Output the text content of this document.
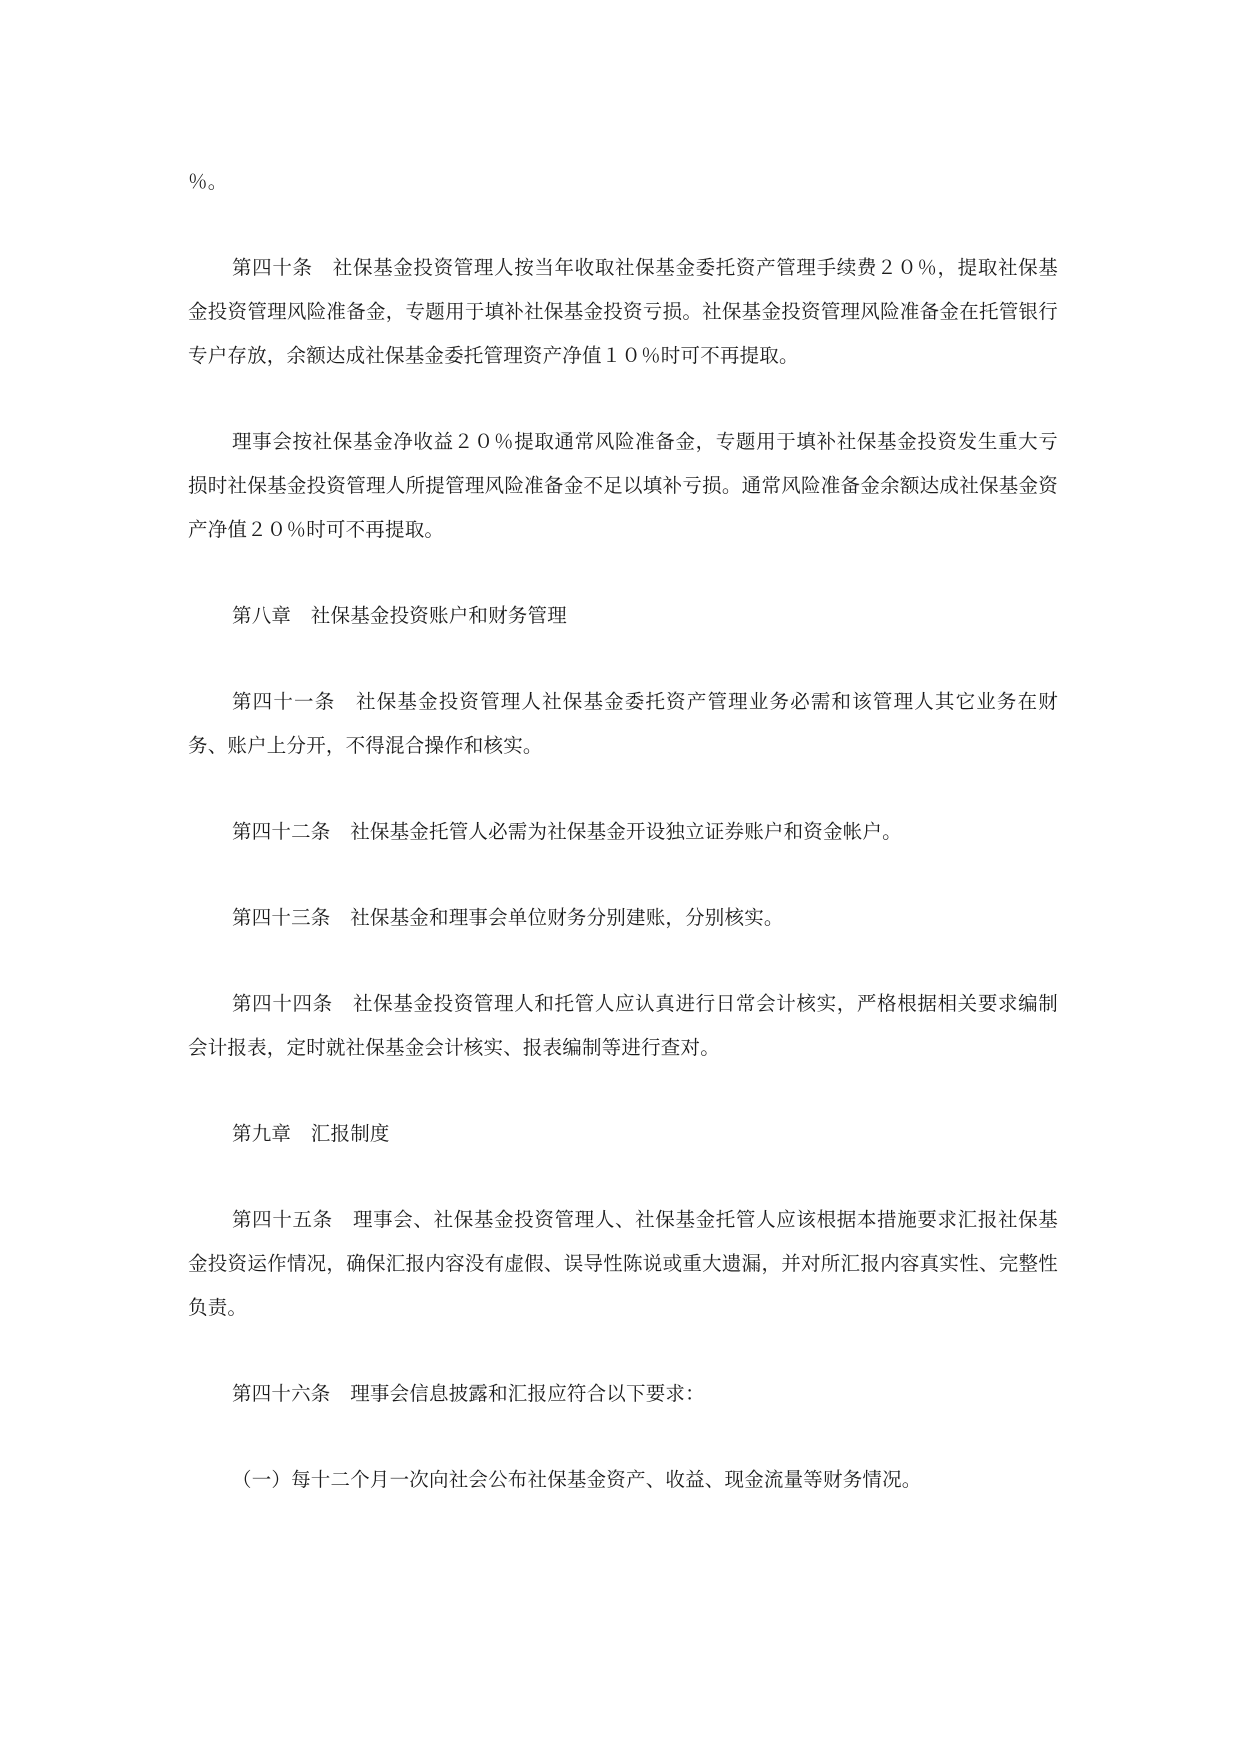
％。

第四十条　社保基金投资管理人按当年收取社保基金委托资产管理手续费２０％，提取社保基金投资管理风险准备金，专题用于填补社保基金投资亏损。社保基金投资管理风险准备金在托管银行专户存放，余额达成社保基金委托管理资产净值１０％时可不再提取。

理事会按社保基金净收益２０％提取通常风险准备金，专题用于填补社保基金投资发生重大亏损时社保基金投资管理人所提管理风险准备金不足以填补亏损。通常风险准备金余额达成社保基金资产净值２０％时可不再提取。

第八章　社保基金投资账户和财务管理

第四十一条　社保基金投资管理人社保基金委托资产管理业务必需和该管理人其它业务在财务、账户上分开，不得混合操作和核实。

第四十二条　社保基金托管人必需为社保基金开设独立证券账户和资金帐户。

第四十三条　社保基金和理事会单位财务分别建账，分别核实。

第四十四条　社保基金投资管理人和托管人应认真进行日常会计核实，严格根据相关要求编制会计报表，定时就社保基金会计核实、报表编制等进行查对。

第九章　汇报制度

第四十五条　理事会、社保基金投资管理人、社保基金托管人应该根据本措施要求汇报社保基金投资运作情况，确保汇报内容没有虚假、误导性陈说或重大遗漏，并对所汇报内容真实性、完整性负责。

第四十六条　理事会信息披露和汇报应符合以下要求：

（一）每十二个月一次向社会公布社保基金资产、收益、现金流量等财务情况。
